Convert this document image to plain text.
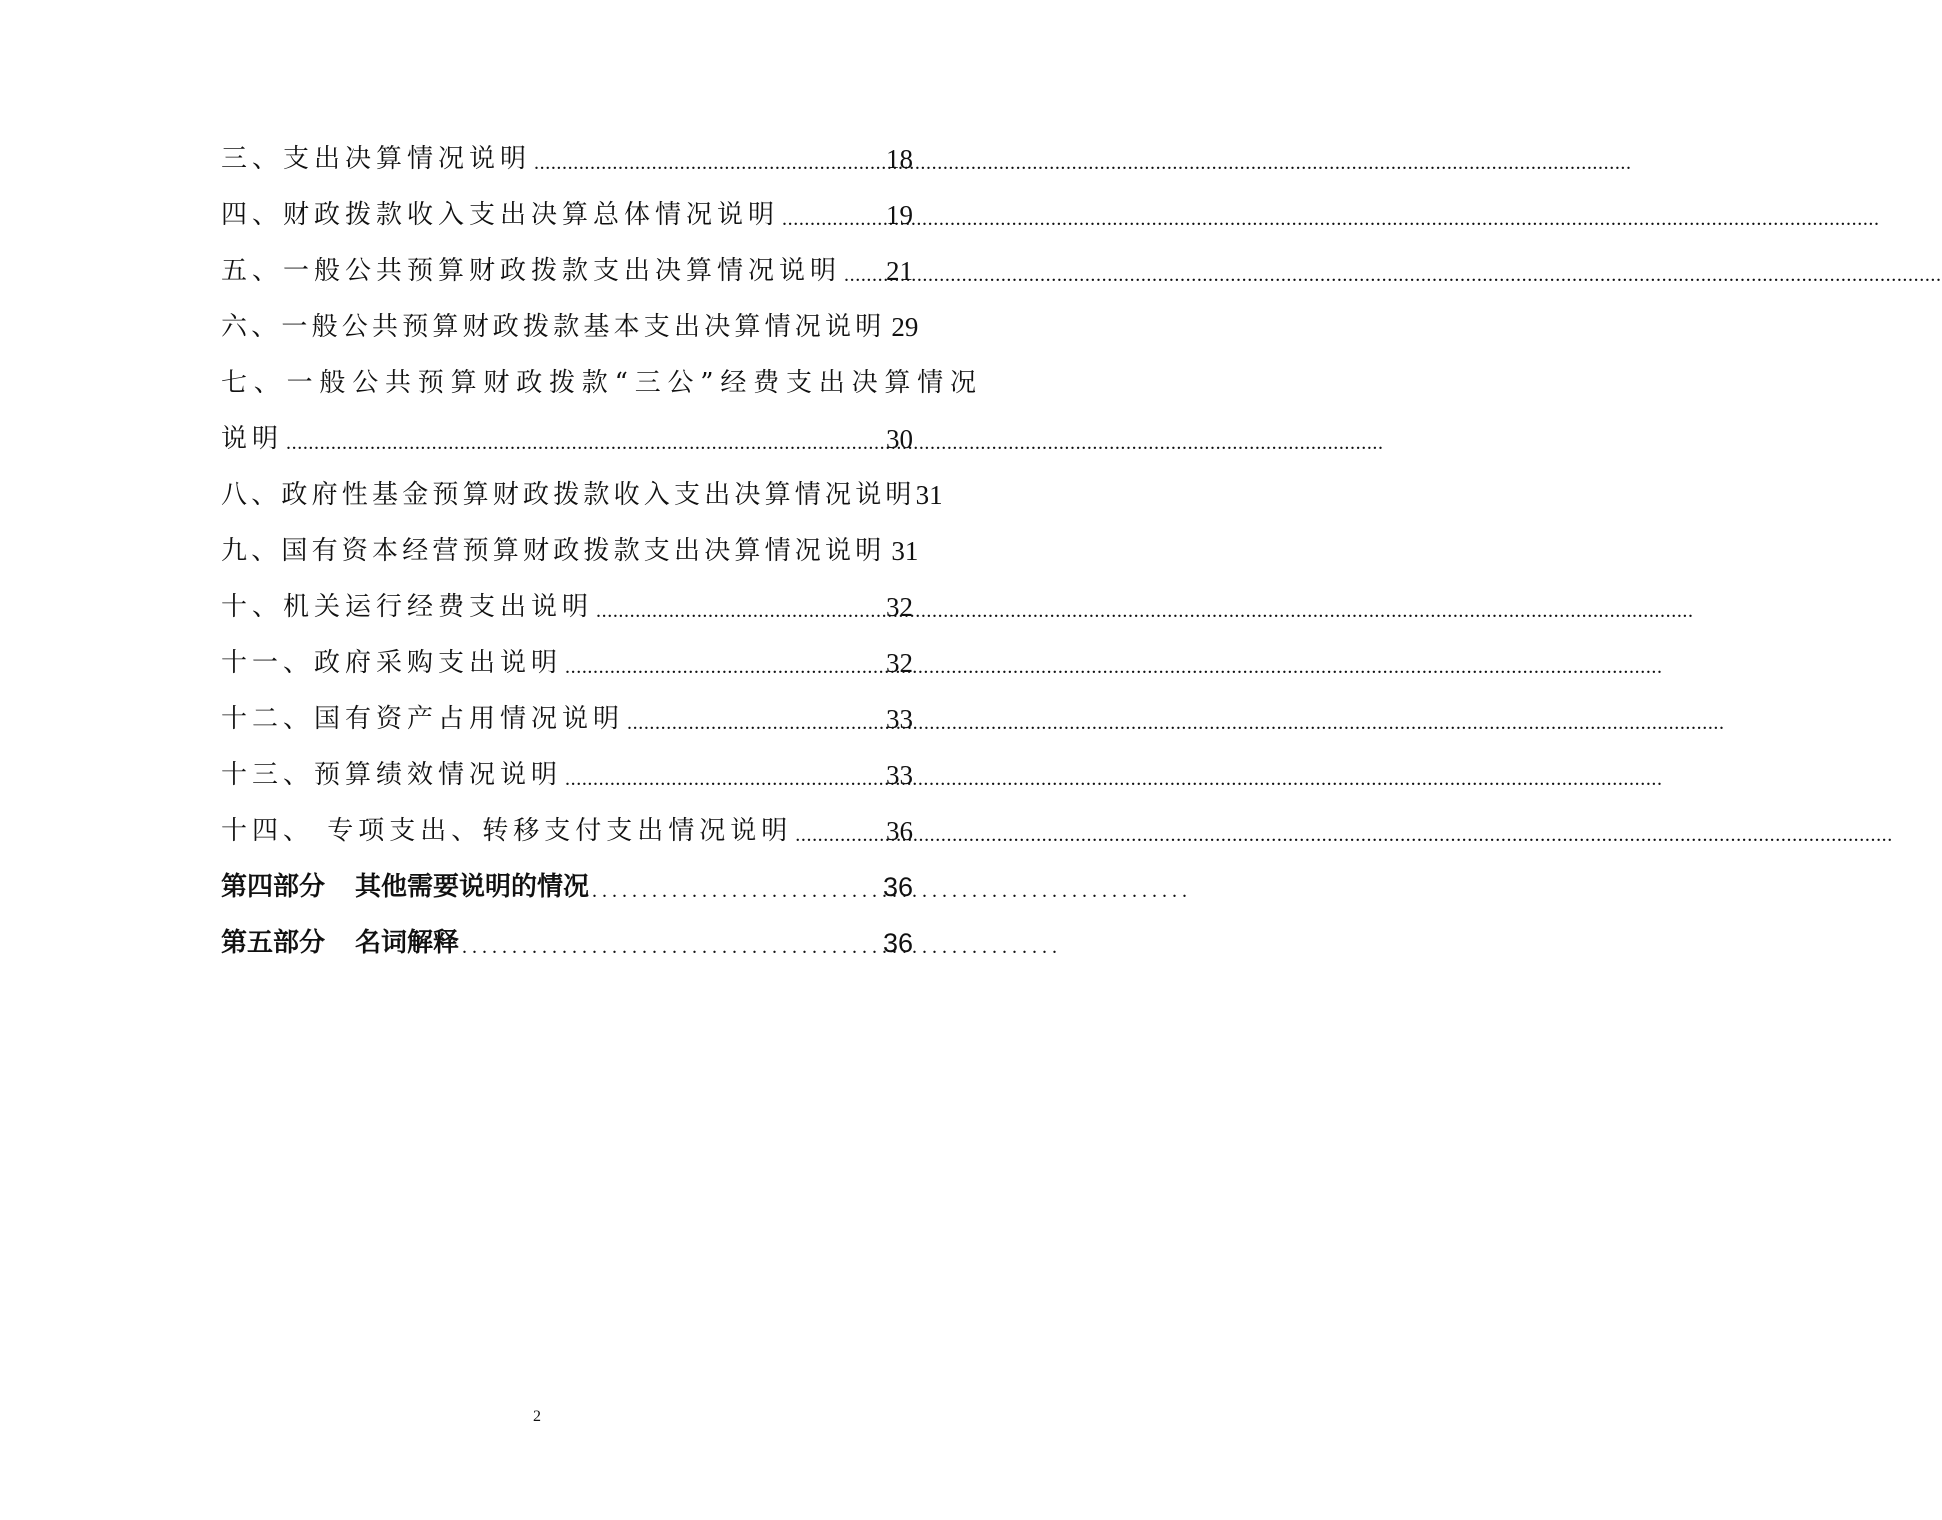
三、支出决算情况说明 .....	18
四、财政拨款收入支出决算总体情况说明 .....	19
五、一般公共预算财政拨款支出决算情况说明 ..... 21
六、一般公共预算财政拨款基本支出决算情况说明 29
七、一般公共预算财政拨款“三公”经费支出决算情况
说明 .....	30
八、政府性基金预算财政拨款收入支出决算情况说明 31
九、国有资本经营预算财政拨款支出决算情况说明 31
十、机关运行经费支出说明 .....	32
十一、政府采购支出说明 .....	32
十二、国有资产占用情况说明 .....	33
十三、预算绩效情况说明 .....	33
十四、 专项支出、转移支付支出情况说明 .....	36
第四部分 其他需要说明的情况 . . .	36
第五部分 名词解释 . . .	36
2
